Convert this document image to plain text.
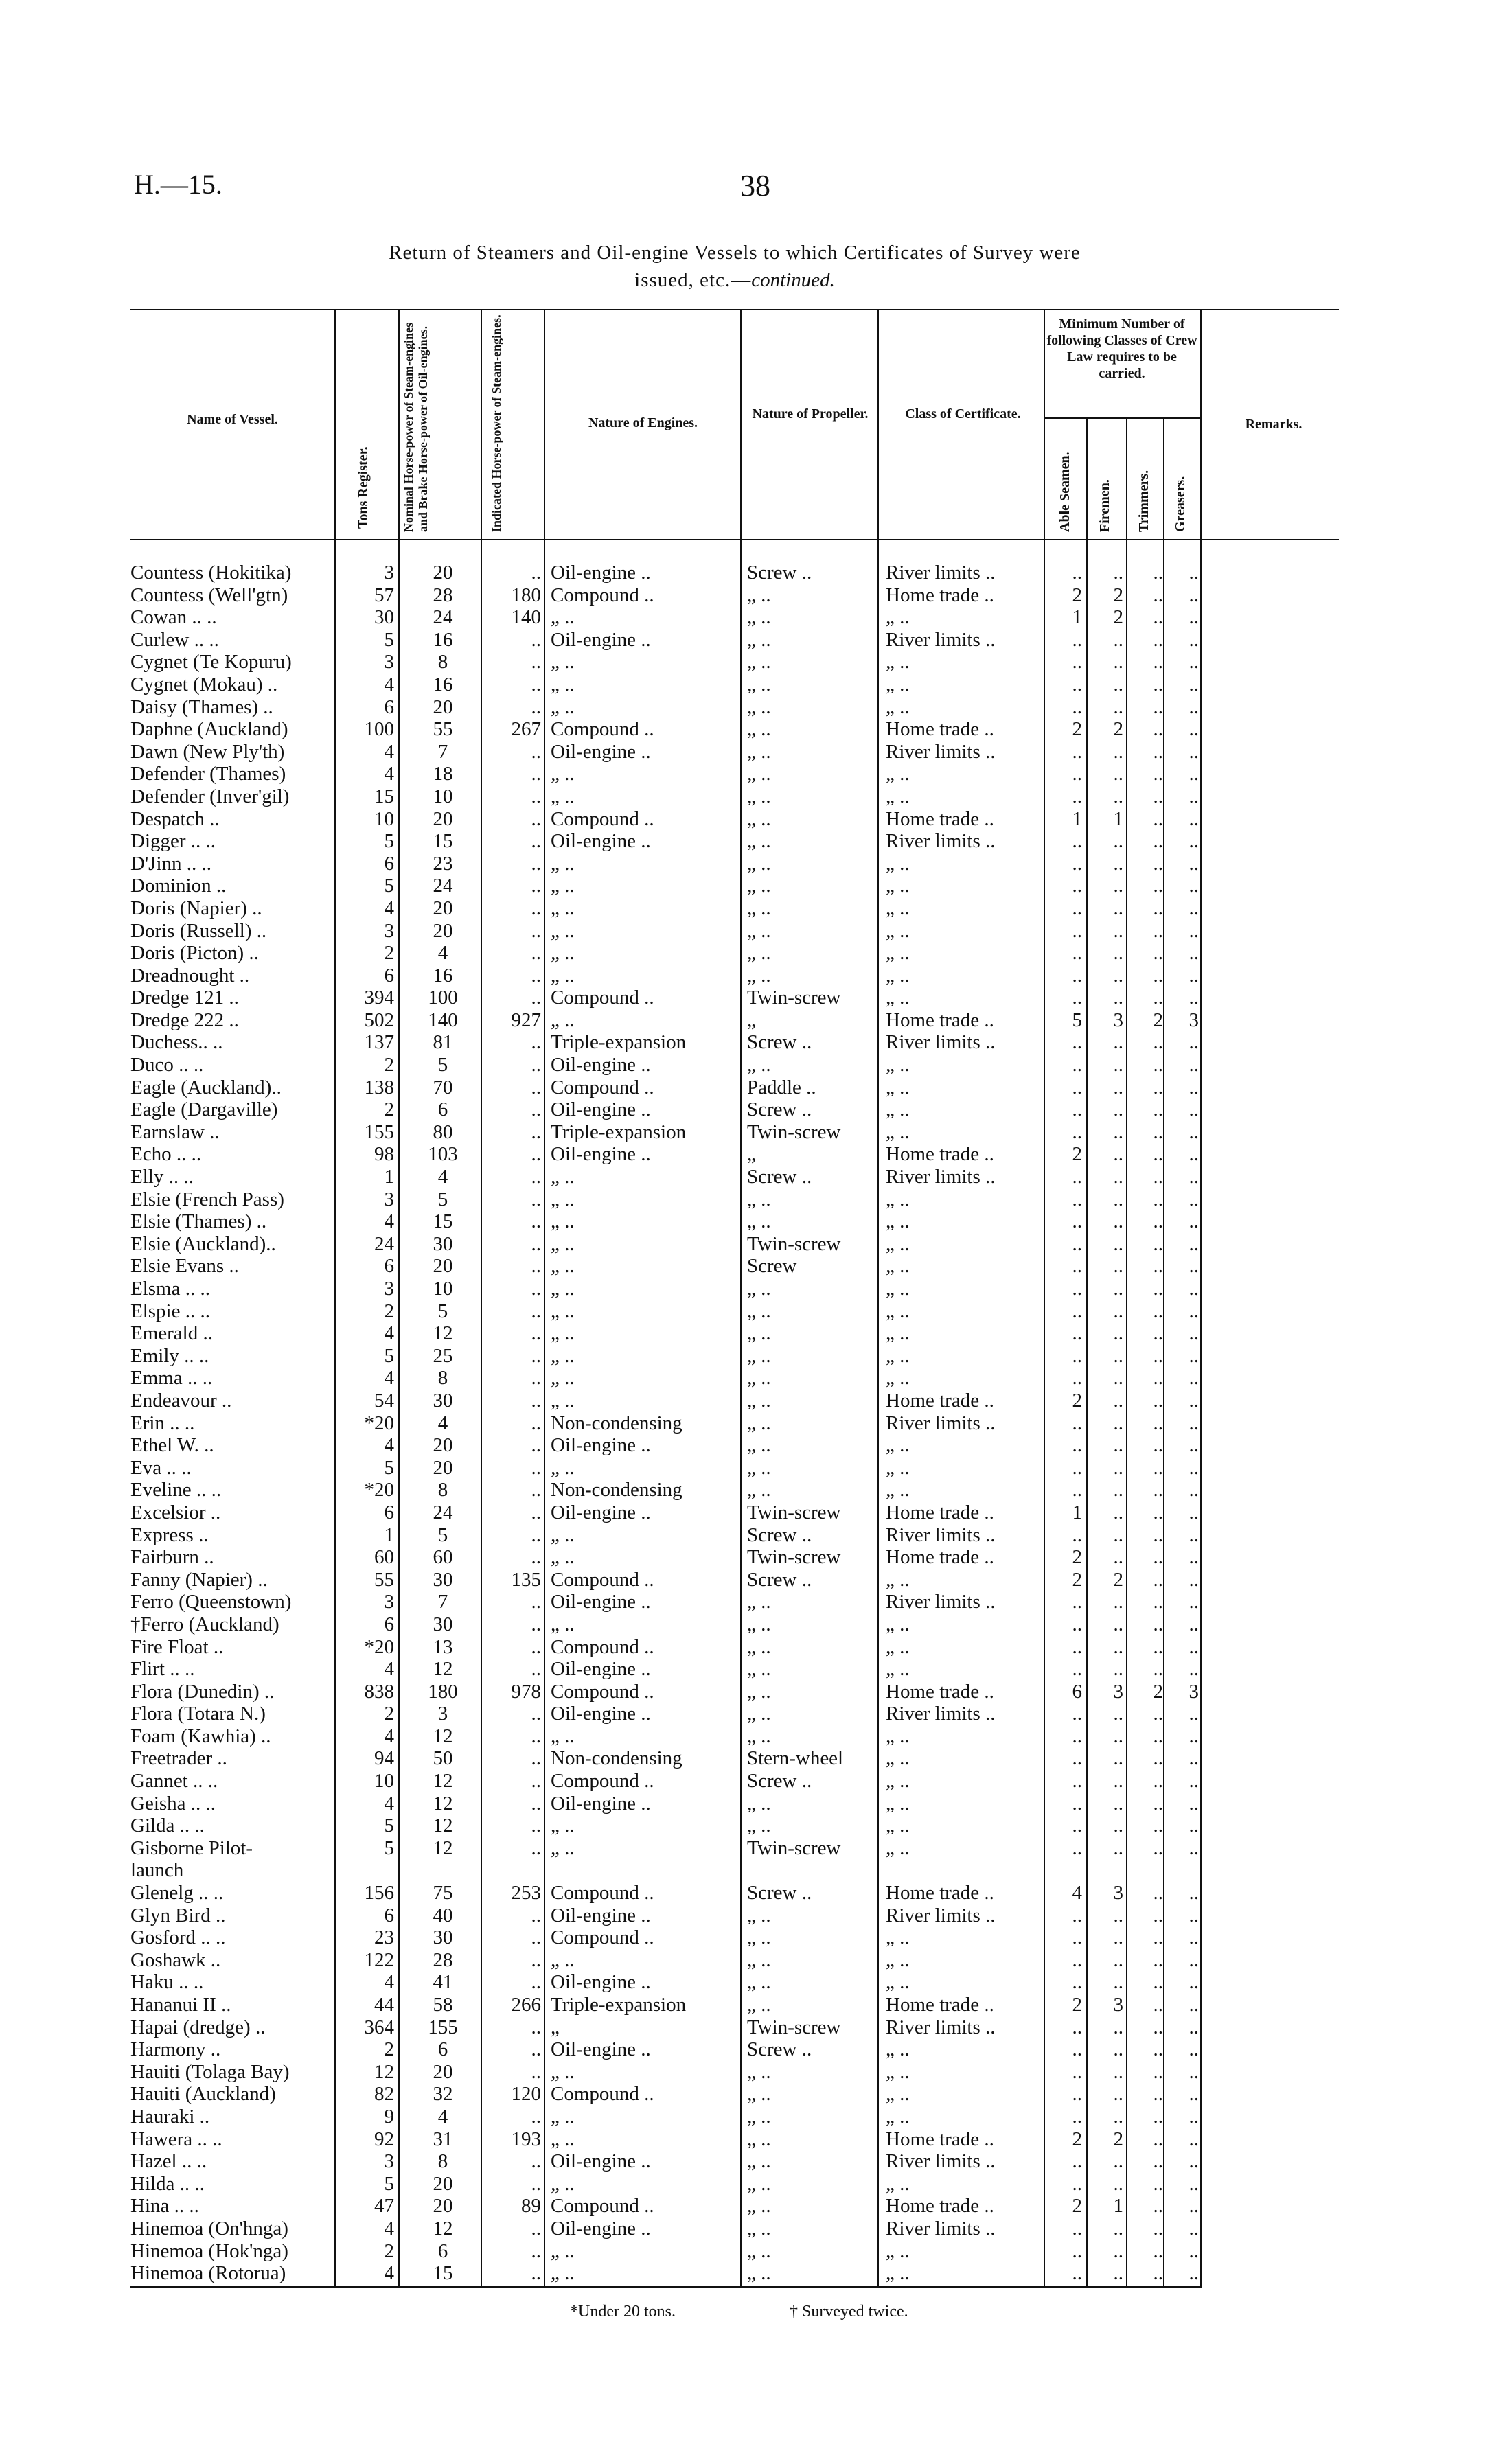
H.—15.	38
Return of Steamers and Oil-engine Vessels to which Certificates of Survey were
issued, etc.—continued.
Name of Vessel.
Tons Register.	Nominal Horse-power of Steam-engines and Brake Horse-power of Oil-engines.	Indicated Horse-power of Steam-engines.	Nature of Engines.
Nature of Propeller.	Class of Certificate.
Minimum Number of following Classes of Crew Law requires to be carried.
Able Seamen.	Firemen. Trimmers. Greasers.
Remarks.
Countess (Hokitika)	3	20	.. Oil-engine ..	Screw ..	River limits ..	..	..	..	..
Countess (Well'gtn)	57	28	180 Compound ..	„ ..	Home trade ..	2	2	..	..
Cowan .. ..	30	24	140 „ ..	„ ..	„ ..	1	2	..	..
Curlew .. ..	5	16	.. Oil-engine ..	„ ..	River limits ..	..	..	..	..
Cygnet (Te Kopuru)	3	8	.. „ ..	„ ..	„ ..	..	..	..	..
Cygnet (Mokau) ..	4	16	.. „ ..	„ ..	„ ..	..	..	..	..
Daisy (Thames) ..	6	20	.. „ ..	„ ..	„ ..	..	..	..	..
Daphne (Auckland)	100	55	267 Compound ..	„ ..	Home trade ..	2	2	..	..
Dawn (New Ply'th)	4	7	.. Oil-engine ..	„ ..	River limits ..	..	..	..	..
Defender (Thames)	4	18	.. „ ..	„ ..	„ ..	..	..	..	..
Defender (Inver'gil)	15	10	.. „ ..	„ ..	„ ..	..	..	..	..
Despatch ..	10	20	.. Compound ..	„ ..	Home trade ..	1	1	..	..
Digger .. ..	5	15	.. Oil-engine ..	„ ..	River limits ..	..	..	..	..
D'Jinn .. ..	6	23	.. „ ..	„ ..	„ ..	..	..	..	..
Dominion ..	5	24	.. „ ..	„ ..	„ ..	..	..	..	..
Doris (Napier) ..	4	20	.. „ ..	„ ..	„ ..	..	..	..	..
Doris (Russell) ..	3	20	.. „ ..	„ ..	„ ..	..	..	..	..
Doris (Picton) ..	2	4	.. „ ..	„ ..	„ ..	..	..	..	..
Dreadnought ..	6	16	.. „ ..	„ ..	„ ..	..	..	..	..
Dredge 121 ..	394	100	.. Compound ..	Twin-screw	„ ..	..	..	..	..
Dredge 222 ..	502	140	927 „ ..	„	Home trade ..	5	3	2	3
Duchess.. ..	137	81	.. Triple-expansion	Screw ..	River limits ..	..	..	..	..
Duco .. ..	2	5	.. Oil-engine ..	„ ..	„ ..	..	..	..	..
Eagle (Auckland)..	138	70	.. Compound ..	Paddle ..	„ ..	..	..	..	..
Eagle (Dargaville)	2	6	.. Oil-engine ..	Screw ..	„ ..	..	..	..	..
Earnslaw ..	155	80	.. Triple-expansion	Twin-screw	„ ..	..	..	..	..
Echo .. ..	98	103	.. Oil-engine ..	„	Home trade ..	2	..	..	..
Elly .. ..	1	4	.. „ ..	Screw ..	River limits ..	..	..	..	..
Elsie (French Pass)	3	5	.. „ ..	„ ..	„ ..	..	..	..	..
Elsie (Thames) ..	4	15	.. „ ..	„ ..	„ ..	..	..	..	..
Elsie (Auckland)..	24	30	.. „ ..	Twin-screw	„ ..	..	..	..	..
Elsie Evans ..	6	20	.. „ ..	Screw	„ ..	..	..	..	..
Elsma .. ..	3	10	.. „ ..	„ ..	„ ..	..	..	..	..
Elspie .. ..	2	5	.. „ ..	„ ..	„ ..	..	..	..	..
Emerald ..	4	12	.. „ ..	„ ..	„ ..	..	..	..	..
Emily .. ..	5	25	.. „ ..	„ ..	„ ..	..	..	..	..
Emma .. ..	4	8	.. „ ..	„ ..	„ ..	..	..	..	..
Endeavour ..	54	30	.. „ ..	„ ..	Home trade ..	2	..	..	..
Erin .. ..	*20	4	.. Non-condensing	„ ..	River limits ..	..	..	..	..
Ethel W. ..	4	20	.. Oil-engine ..	„ ..	„ ..	..	..	..	..
Eva .. ..	5	20	.. „ ..	„ ..	„ ..	..	..	..	..
Eveline .. ..	*20	8	.. Non-condensing	„ ..	„ ..	..	..	..	..
Excelsior ..	6	24	.. Oil-engine ..	Twin-screw	Home trade ..	1	..	..	..
Express ..	1	5	.. „ ..	Screw ..	River limits ..	..	..	..	..
Fairburn ..	60	60	.. „ ..	Twin-screw	Home trade ..	2	..	..	..
Fanny (Napier) ..	55	30	135 Compound ..	Screw ..	„ ..	2	2	..	..
Ferro (Queenstown)	3	7	.. Oil-engine ..	„ ..	River limits ..	..	..	..	..
†Ferro (Auckland)	6	30	.. „ ..	„ ..	„ ..	..	..	..	..
Fire Float ..	*20	13	.. Compound ..	„ ..	„ ..	..	..	..	..
Flirt .. ..	4	12	.. Oil-engine ..	„ ..	„ ..	..	..	..	..
Flora (Dunedin) ..	838	180	978 Compound ..	„ ..	Home trade ..	6	3	2	3
Flora (Totara N.)	2	3	.. Oil-engine ..	„ ..	River limits ..	..	..	..	..
Foam (Kawhia) ..	4	12	.. „ ..	„ ..	„ ..	..	..	..	..
Freetrader ..	94	50	.. Non-condensing	Stern-wheel	„ ..	..	..	..	..
Gannet .. ..	10	12	.. Compound ..	Screw ..	„ ..	..	..	..	..
Geisha .. ..	4	12	.. Oil-engine ..	„ ..	„ ..	..	..	..	..
Gilda .. ..	5	12	.. „ ..	„ ..	„ ..	..	..	..	..
Gisborne Pilot-	5	12	.. „ ..	Twin-screw	„ ..	..	..	..	..
launch
Glenelg .. ..	156	75	253 Compound ..	Screw ..	Home trade ..	4	3	..	..
Glyn Bird ..	6	40	.. Oil-engine ..	„ ..	River limits ..	..	..	..	..
Gosford .. ..	23	30	.. Compound ..	„ ..	„ ..	..	..	..	..
Goshawk ..	122	28	.. „ ..	„ ..	„ ..	..	..	..	..
Haku .. ..	4	41	.. Oil-engine ..	„ ..	„ ..	..	..	..	..
Hananui II ..	44	58	266 Triple-expansion	„ ..	Home trade ..	2	3	..	..
Hapai (dredge) ..	364	155	.. „	Twin-screw	River limits ..	..	..	..	..
Harmony ..	2	6	.. Oil-engine ..	Screw ..	„ ..	..	..	..	..
Hauiti (Tolaga Bay)	12	20	.. „ ..	„ ..	„ ..	..	..	..	..
Hauiti (Auckland)	82	32	120 Compound ..	„ ..	„ ..	..	..	..	..
Hauraki ..	9	4	.. „ ..	„ ..	„ ..	..	..	..	..
Hawera .. ..	92	31	193 „ ..	„ ..	Home trade ..	2	2	..	..
Hazel .. ..	3	8	.. Oil-engine ..	„ ..	River limits ..	..	..	..	..
Hilda .. ..	5	20	.. „ ..	„ ..	„ ..	..	..	..	..
Hina .. ..	47	20	89 Compound ..	„ ..	Home trade ..	2	1	..	..
Hinemoa (On'hnga)	4	12	.. Oil-engine ..	„ ..	River limits ..	..	..	..	..
Hinemoa (Hok'nga)	2	6	.. „ ..	„ ..	„ ..	..	..	..	..
Hinemoa (Rotorua)	4	15	.. „ ..	„ ..	„ ..	..	..	..	..
*Under 20 tons.	† Surveyed twice.
